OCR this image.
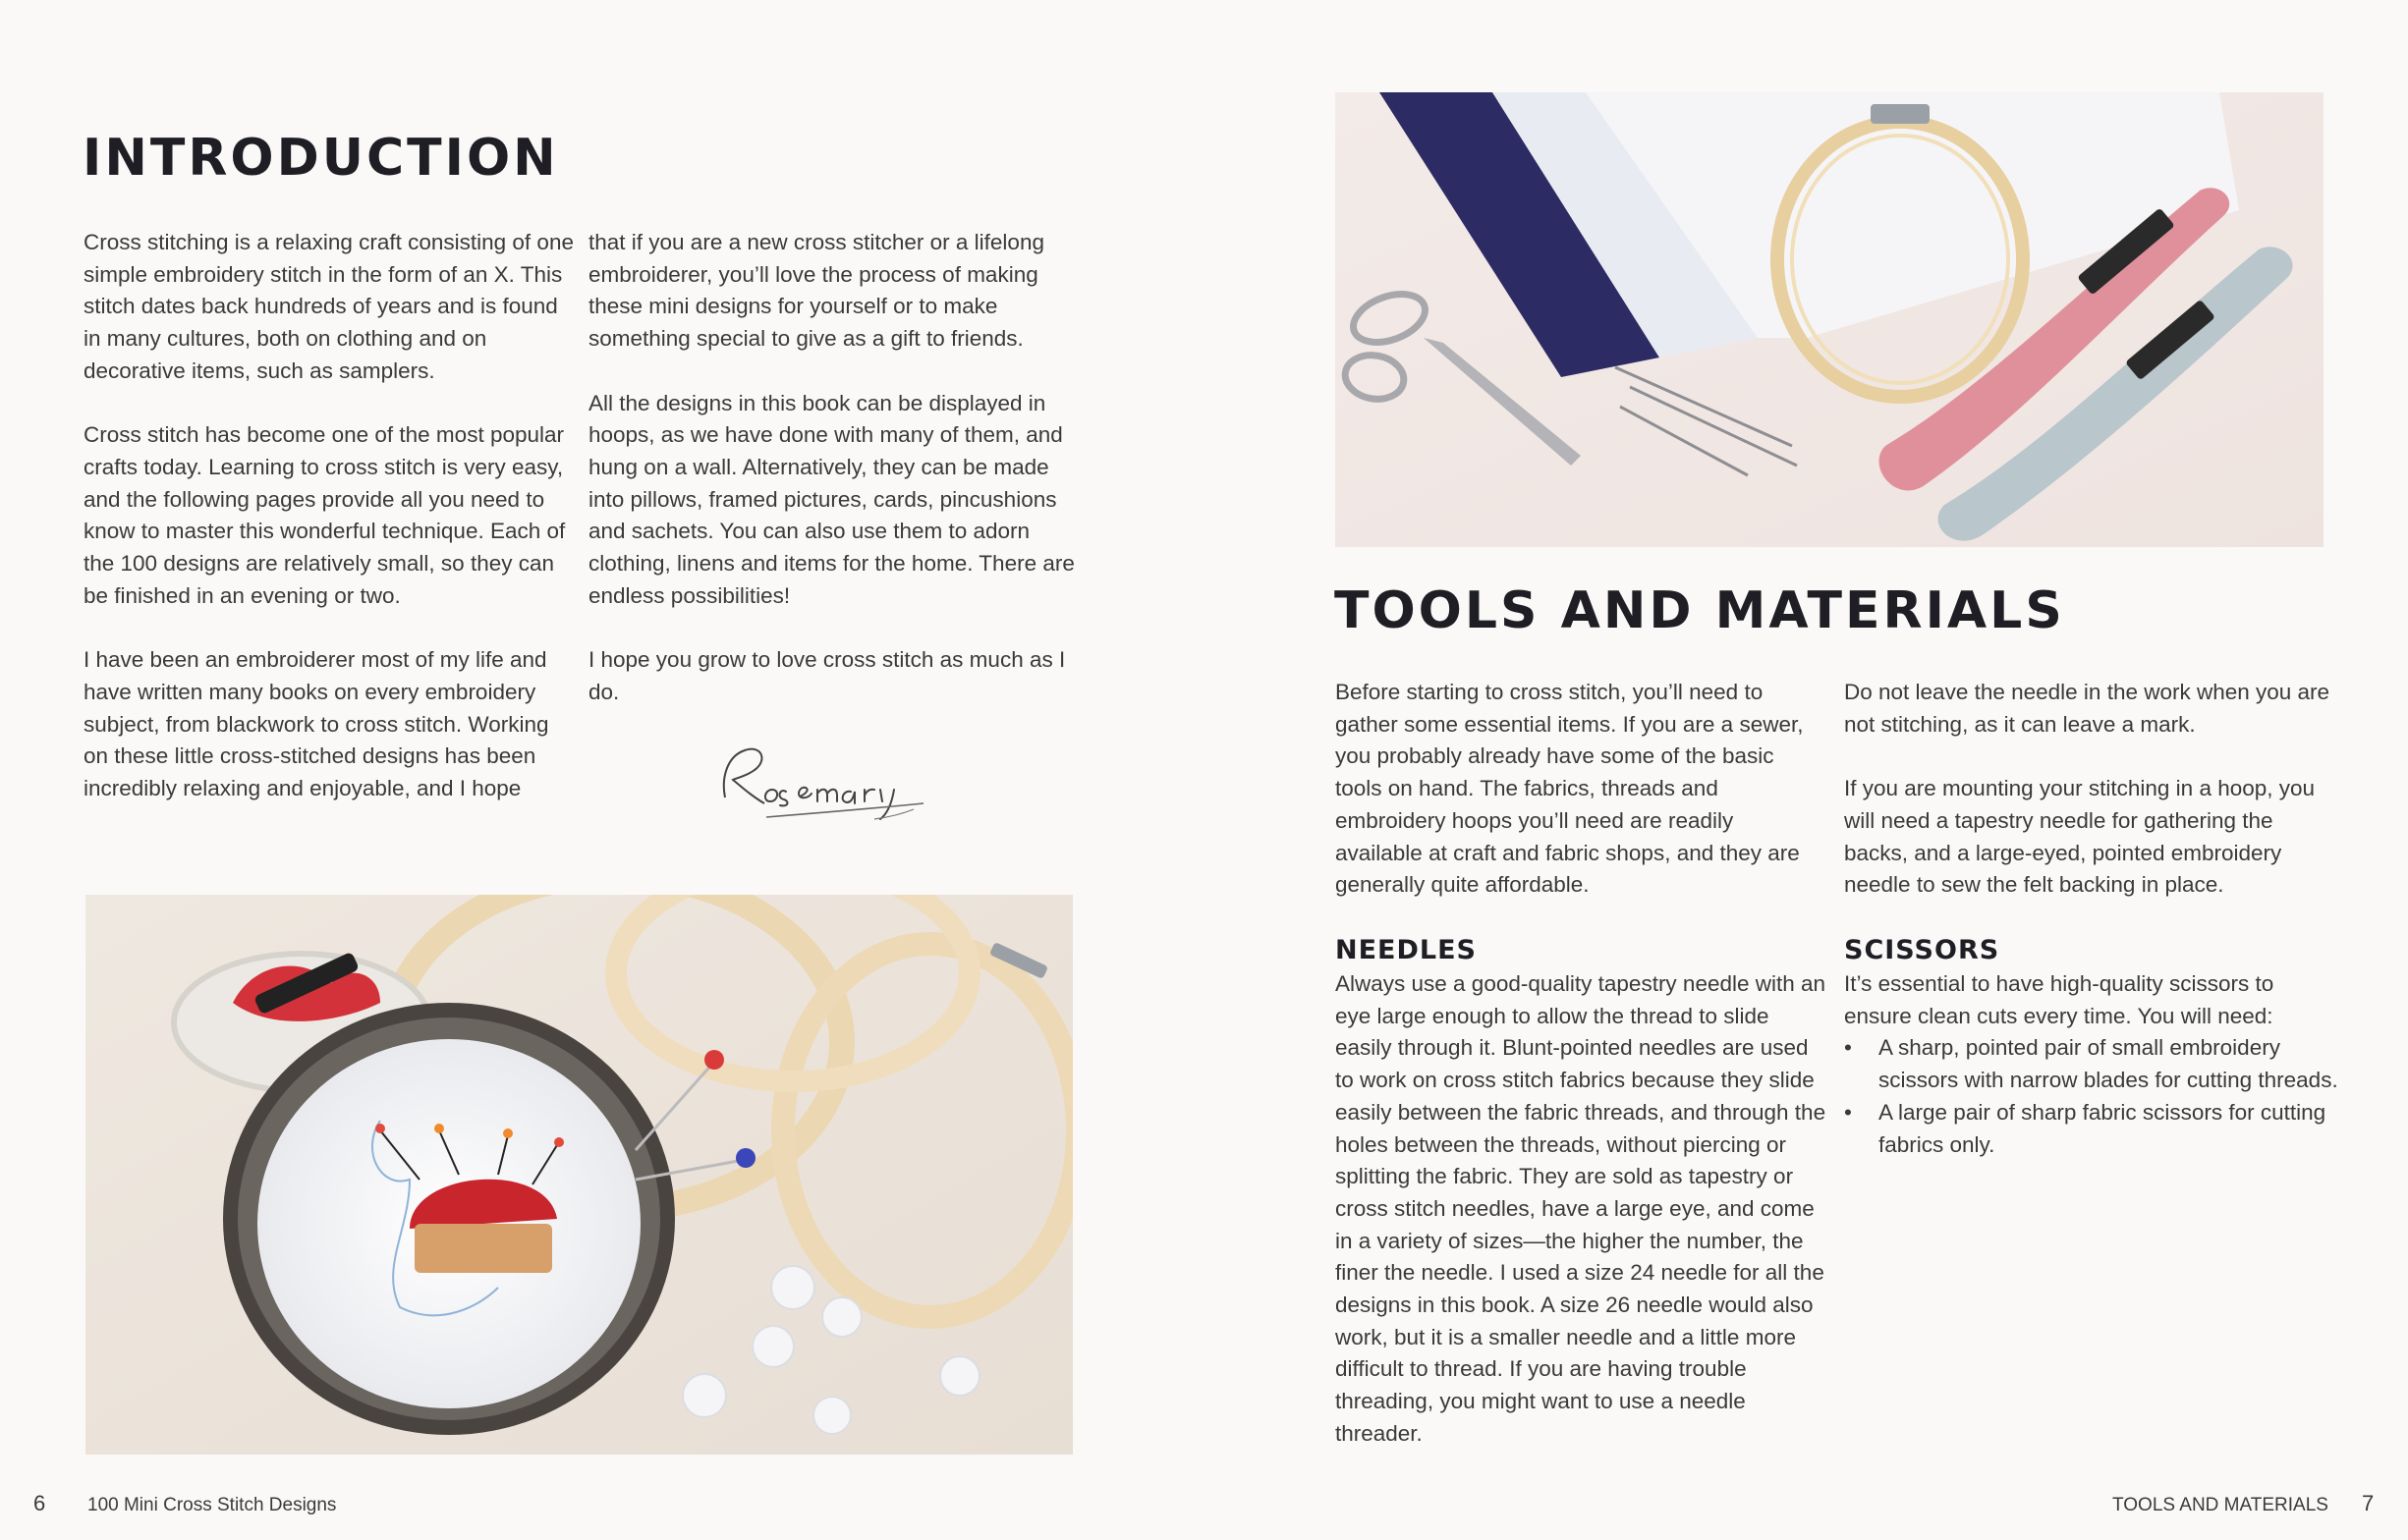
INTRODUCTION

Cross stitching is a relaxing craft consisting of one simple embroidery stitch in the form of an X. This stitch dates back hundreds of years and is found in many cultures, both on clothing and on decorative items, such as samplers.

Cross stitch has become one of the most popular crafts today. Learning to cross stitch is very easy, and the following pages provide all you need to know to master this wonderful technique. Each of the 100 designs are relatively small, so they can be finished in an evening or two.

I have been an embroiderer most of my life and have written many books on every embroidery subject, from blackwork to cross stitch. Working on these little cross-stitched designs has been incredibly relaxing and enjoyable, and I hope

that if you are a new cross stitcher or a lifelong embroiderer, you’ll love the process of making these mini designs for yourself or to make something special to give as a gift to friends.

All the designs in this book can be displayed in hoops, as we have done with many of them, and hung on a wall. Alternatively, they can be made into pillows, framed pictures, cards, pincushions and sachets. You can also use them to adorn clothing, linens and items for the home. There are endless possibilities!

I hope you grow to love cross stitch as much as I do.

6 100 Mini Cross Stitch Designs
TOOLS AND MATERIALS

Before starting to cross stitch, you’ll need to gather some essential items. If you are a sewer, you probably already have some of the basic tools on hand. The fabrics, threads and embroidery hoops you’ll need are readily available at craft and fabric shops, and they are generally quite affordable.

Do not leave the needle in the work when you are not stitching, as it can leave a mark.

If you are mounting your stitching in a hoop, you will need a tapestry needle for gathering the backs, and a large-eyed, pointed embroidery needle to sew the felt backing in place.

NEEDLES

Always use a good-quality tapestry needle with an eye large enough to allow the thread to slide easily through it. Blunt-pointed needles are used to work on cross stitch fabrics because they slide easily between the fabric threads, and through the holes between the threads, without piercing or splitting the fabric. They are sold as tapestry or cross stitch needles, have a large eye, and come in a variety of sizes—the higher the number, the finer the needle. I used a size 24 needle for all the designs in this book. A size 26 needle would also work, but it is a smaller needle and a little more difficult to thread. If you are having trouble threading, you might want to use a needle threader.

SCISSORS

It’s essential to have high-quality scissors to ensure clean cuts every time. You will need:

• A sharp, pointed pair of small embroidery scissors with narrow blades for cutting threads.
• A large pair of sharp fabric scissors for cutting fabrics only.
TOOLS AND MATERIALS 7
